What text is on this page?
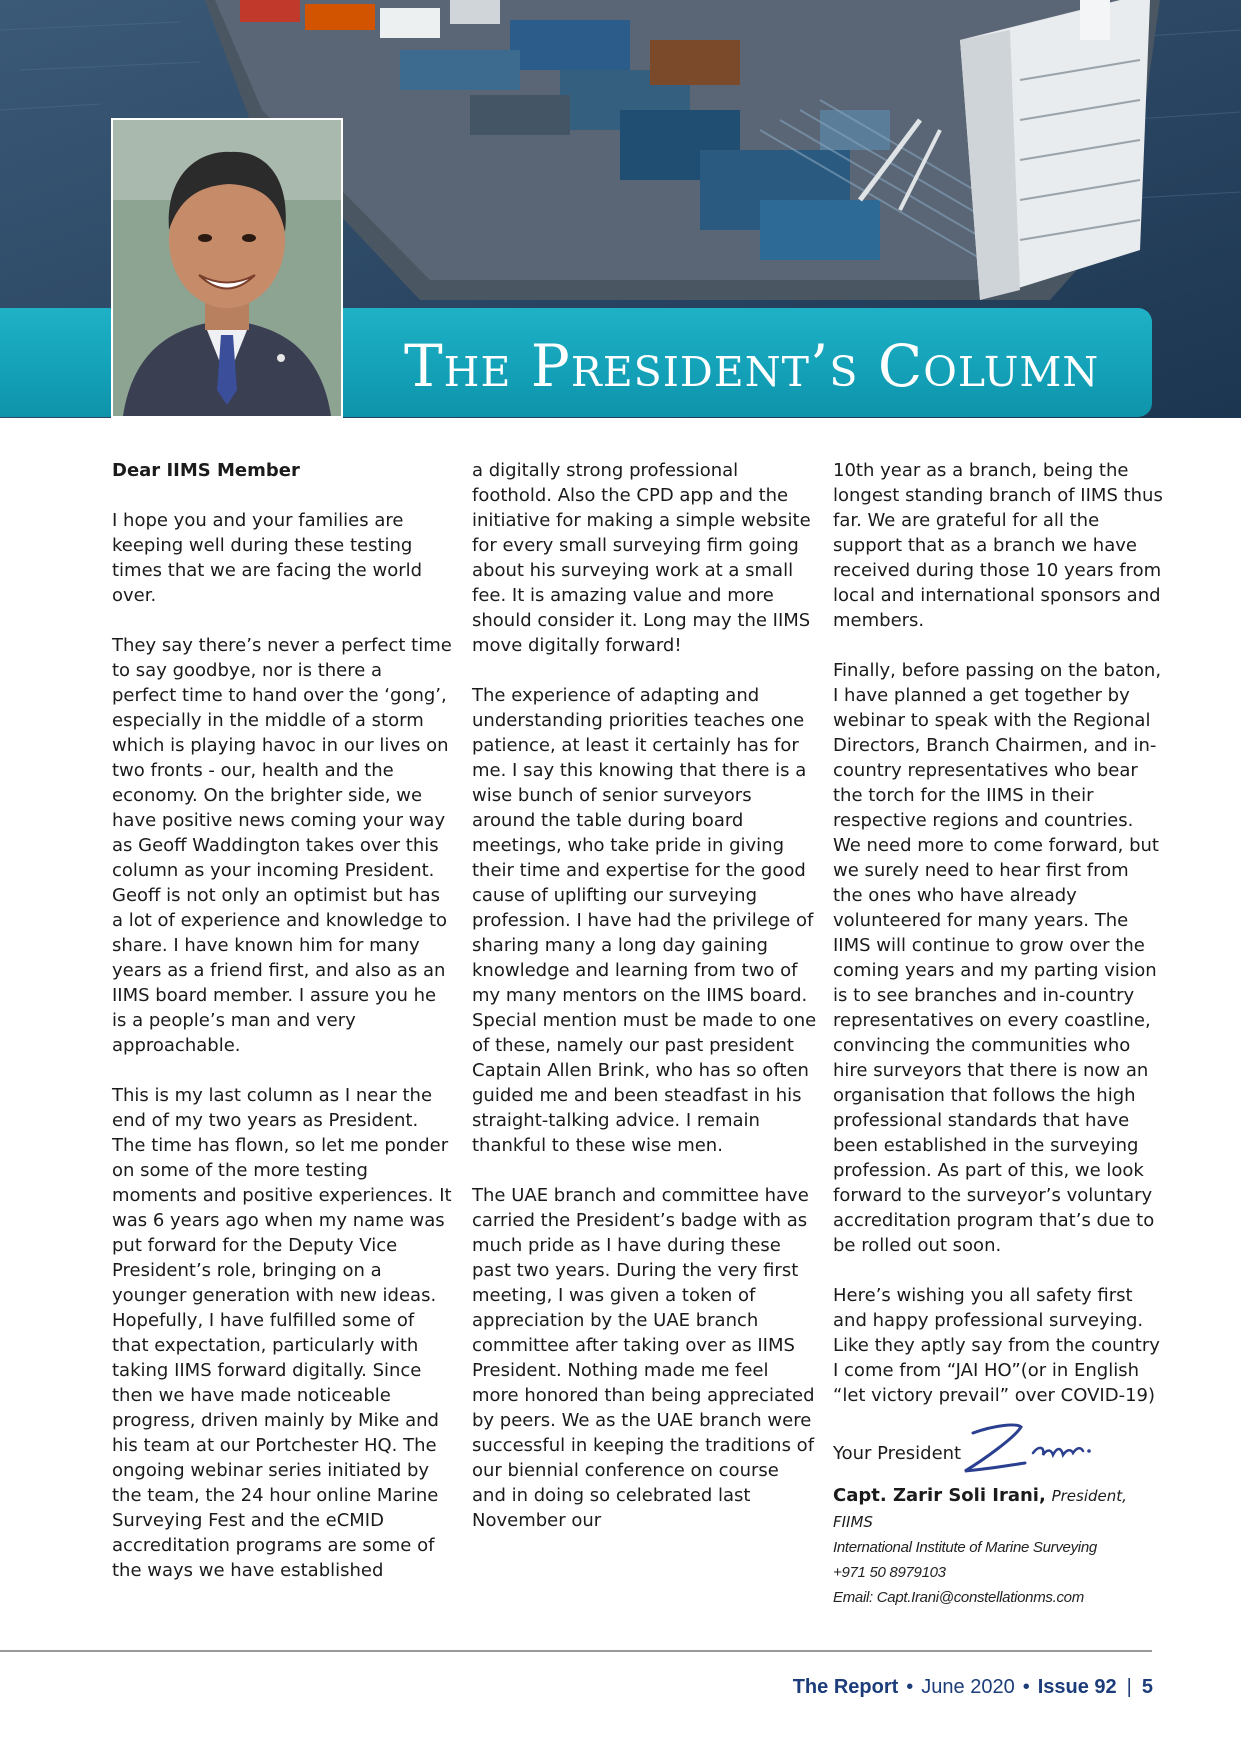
The President’s Column

Dear IIMS Member

I hope you and your families are keeping well during these testing times that we are facing the world over.

They say there’s never a perfect time to say goodbye, nor is there a perfect time to hand over the ‘gong’, especially in the middle of a storm which is playing havoc in our lives on two fronts - our, health and the economy. On the brighter side, we have positive news coming your way as Geoff Waddington takes over this column as your incoming President. Geoff is not only an optimist but has a lot of experience and knowledge to share. I have known him for many years as a friend first, and also as an IIMS board member. I assure you he is a people’s man and very approachable.

This is my last column as I near the end of my two years as President. The time has flown, so let me ponder on some of the more testing moments and positive experiences. It was 6 years ago when my name was put forward for the Deputy Vice President’s role, bringing on a younger generation with new ideas. Hopefully, I have fulfilled some of that expectation, particularly with taking IIMS forward digitally. Since then we have made noticeable progress, driven mainly by Mike and his team at our Portchester HQ. The ongoing webinar series initiated by the team, the 24 hour online Marine Surveying Fest and the eCMID accreditation programs are some of the ways we have established

a digitally strong professional foothold. Also the CPD app and the initiative for making a simple website for every small surveying firm going about his surveying work at a small fee. It is amazing value and more should consider it. Long may the IIMS move digitally forward!

The experience of adapting and understanding priorities teaches one patience, at least it certainly has for me. I say this knowing that there is a wise bunch of senior surveyors around the table during board meetings, who take pride in giving their time and expertise for the good cause of uplifting our surveying profession. I have had the privilege of sharing many a long day gaining knowledge and learning from two of my many mentors on the IIMS board. Special mention must be made to one of these, namely our past president Captain Allen Brink, who has so often guided me and been steadfast in his straight-talking advice. I remain thankful to these wise men.

The UAE branch and committee have carried the President’s badge with as much pride as I have during these past two years. During the very first meeting, I was given a token of appreciation by the UAE branch committee after taking over as IIMS President. Nothing made me feel more honored than being appreciated by peers. We as the UAE branch were successful in keeping the traditions of our biennial conference on course and in doing so celebrated last November our

10th year as a branch, being the longest standing branch of IIMS thus far. We are grateful for all the support that as a branch we have received during those 10 years from local and international sponsors and members.

Finally, before passing on the baton, I have planned a get together by webinar to speak with the Regional Directors, Branch Chairmen, and in-country representatives who bear the torch for the IIMS in their respective regions and countries. We need more to come forward, but we surely need to hear first from the ones who have already volunteered for many years. The IIMS will continue to grow over the coming years and my parting vision is to see branches and in-country representatives on every coastline, convincing the communities who hire surveyors that there is now an organisation that follows the high professional standards that have been established in the surveying profession. As part of this, we look forward to the surveyor’s voluntary accreditation program that’s due to be rolled out soon.

Here’s wishing you all safety first and happy professional surveying. Like they aptly say from the country I come from “JAI HO”(or in English “let victory prevail” over COVID-19)

Your President
Capt. Zarir Soli Irani, President, FIIMS
International Institute of Marine Surveying
+971 50 8979103
Email: Capt.Irani@constellationms.com
The Report • June 2020 • Issue 92 | 5
